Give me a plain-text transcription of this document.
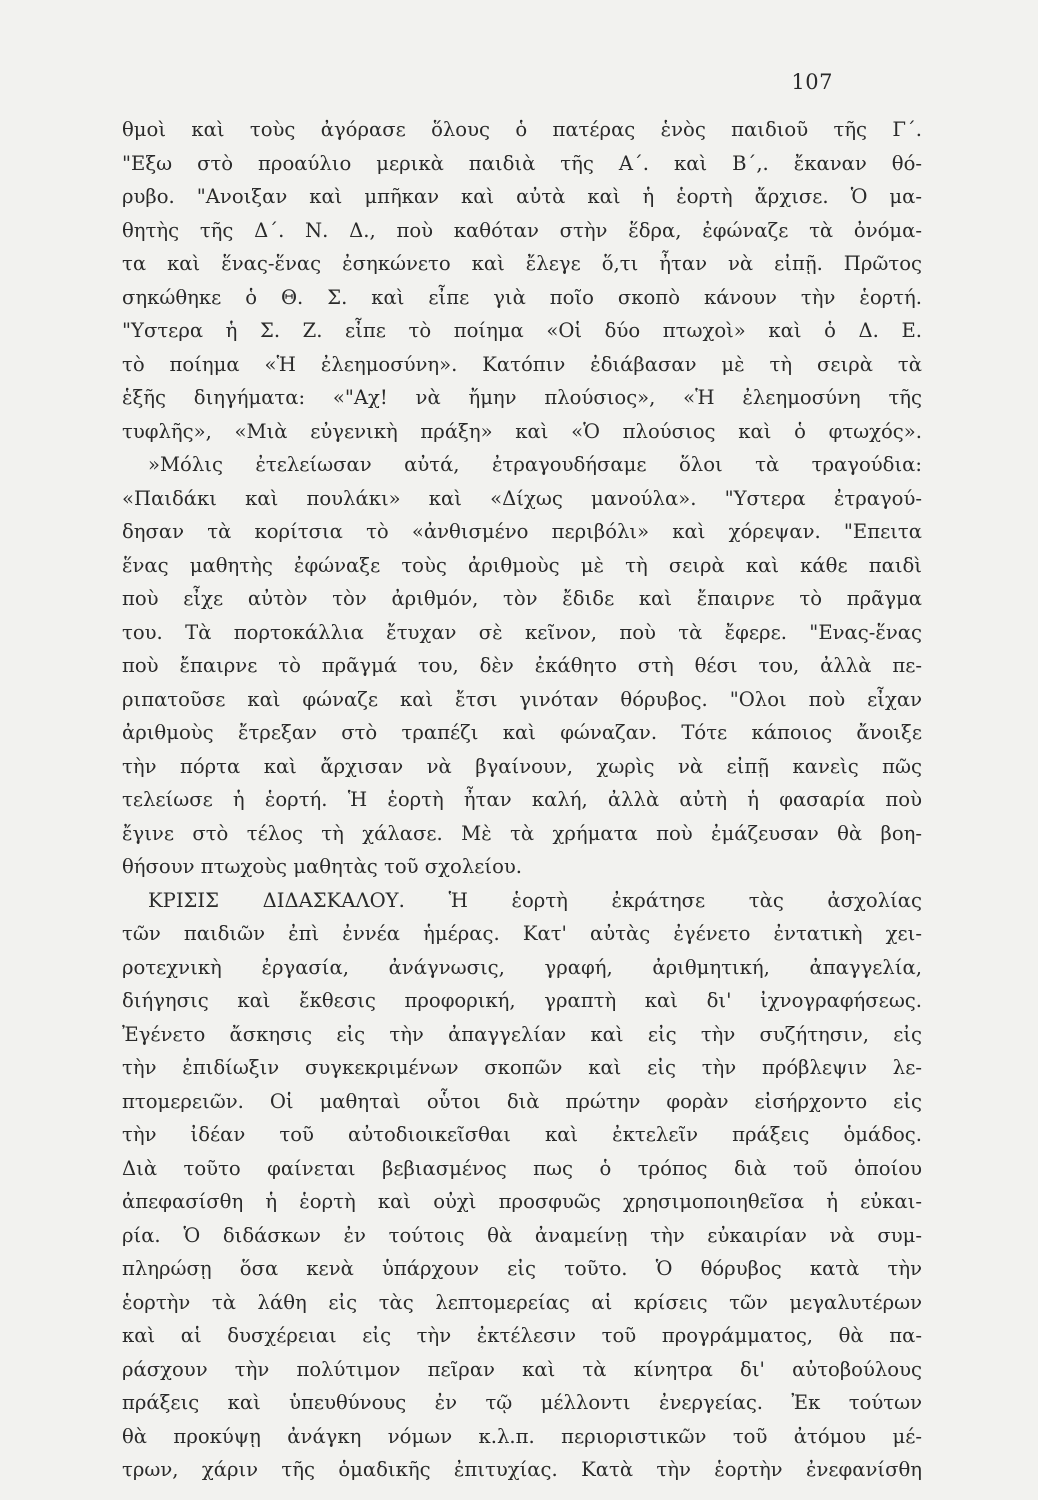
107
θμοὶ καὶ τοὺς ἀγόρασε ὅλους ὁ πατέρας ἑνὸς παιδιοῦ τῆς Γ΄.
"Εξω στὸ προαύλιο μερικὰ παιδιὰ τῆς Α΄. καὶ Β΄,. ἔκαναν θό-
ρυβο. "Ανοιξαν καὶ μπῆκαν καὶ αὐτὰ καὶ ἡ ἑορτὴ ἄρχισε. Ὁ μα-
θητὴς τῆς Δ΄. Ν. Δ., ποὺ καθόταν στὴν ἕδρα, ἐφώναζε τὰ ὀνόμα-
τα καὶ ἕνας-ἕνας ἐσηκώνετο καὶ ἔλεγε ὅ,τι ἦταν νὰ εἰπῇ. Πρῶτος
σηκώθηκε ὁ Θ. Σ. καὶ εἶπε γιὰ ποῖο σκοπὸ κάνουν τὴν ἑορτή.
"Υστερα ἡ Σ. Ζ. εἶπε τὸ ποίημα «Οἱ δύο πτωχοὶ» καὶ ὁ Δ. Ε.
τὸ ποίημα «Ἡ ἐλεημοσύνη». Κατόπιν ἐδιάβασαν μὲ τὴ σειρὰ τὰ
ἑξῆς διηγήματα: «"Αχ! νὰ ἤμην πλούσιος», «Ἡ ἐλεημοσύνη τῆς
τυφλῆς», «Μιὰ εὐγενικὴ πράξη» καὶ «Ὁ πλούσιος καὶ ὁ φτωχός».
»Μόλις ἐτελείωσαν αὐτά, ἐτραγουδήσαμε ὅλοι τὰ τραγούδια:
«Παιδάκι καὶ πουλάκι» καὶ «Δίχως μανούλα». "Υστερα ἐτραγού-
δησαν τὰ κορίτσια τὸ «ἀνθισμένο περιβόλι» καὶ χόρεψαν. "Επειτα
ἕνας μαθητὴς ἐφώναξε τοὺς ἀριθμοὺς μὲ τὴ σειρὰ καὶ κάθε παιδὶ
ποὺ εἶχε αὐτὸν τὸν ἀριθμόν, τὸν ἔδιδε καὶ ἔπαιρνε τὸ πρᾶγμα
του. Τὰ πορτοκάλλια ἔτυχαν σὲ κεῖνον, ποὺ τὰ ἔφερε. "Ενας-ἕνας
ποὺ ἔπαιρνε τὸ πρᾶγμά του, δὲν ἐκάθητο στὴ θέσι του, ἀλλὰ πε-
ριπατοῦσε καὶ φώναζε καὶ ἔτσι γινόταν θόρυβος. "Ολοι ποὺ εἶχαν
ἀριθμοὺς ἔτρεξαν στὸ τραπέζι καὶ φώναζαν. Τότε κάποιος ἄνοιξε
τὴν πόρτα καὶ ἄρχισαν νὰ βγαίνουν, χωρὶς νὰ εἰπῇ κανεὶς πῶς
τελείωσε ἡ ἑορτή. Ἡ ἑορτὴ ἦταν καλή, ἀλλὰ αὐτὴ ἡ φασαρία ποὺ
ἔγινε στὸ τέλος τὴ χάλασε. Μὲ τὰ χρήματα ποὺ ἐμάζευσαν θὰ βοη-
θήσουν πτωχοὺς μαθητὰς τοῦ σχολείου.
ΚΡΙΣΙΣ ΔΙΔΑΣΚΑΛΟΥ. Ἡ ἑορτὴ ἐκράτησε τὰς ἀσχολίας
τῶν παιδιῶν ἐπὶ ἐννέα ἡμέρας. Κατ' αὐτὰς ἐγένετο ἐντατικὴ χει-
ροτεχνικὴ ἐργασία, ἀνάγνωσις, γραφή, ἀριθμητική, ἀπαγγελία,
διήγησις καὶ ἔκθεσις προφορική, γραπτὴ καὶ δι' ἰχνογραφήσεως.
Ἐγένετο ἄσκησις εἰς τὴν ἀπαγγελίαν καὶ εἰς τὴν συζήτησιν, εἰς
τὴν ἐπιδίωξιν συγκεκριμένων σκοπῶν καὶ εἰς τὴν πρόβλεψιν λε-
πτομερειῶν. Οἱ μαθηταὶ οὗτοι διὰ πρώτην φορὰν εἰσήρχοντο εἰς
τὴν ἰδέαν τοῦ αὐτοδιοικεῖσθαι καὶ ἐκτελεῖν πράξεις ὁμάδος.
Διὰ τοῦτο φαίνεται βεβιασμένος πως ὁ τρόπος διὰ τοῦ ὁποίου
ἀπεφασίσθη ἡ ἑορτὴ καὶ οὐχὶ προσφυῶς χρησιμοποιηθεῖσα ἡ εὐκαι-
ρία. Ὁ διδάσκων ἐν τούτοις θὰ ἀναμείνῃ τὴν εὐκαιρίαν νὰ συμ-
πληρώσῃ ὅσα κενὰ ὑπάρχουν εἰς τοῦτο. Ὁ θόρυβος κατὰ τὴν
ἑορτὴν τὰ λάθη εἰς τὰς λεπτομερείας αἱ κρίσεις τῶν μεγαλυτέρων
καὶ αἱ δυσχέρειαι εἰς τὴν ἐκτέλεσιν τοῦ προγράμματος, θὰ πα-
ράσχουν τὴν πολύτιμον πεῖραν καὶ τὰ κίνητρα δι' αὐτοβούλους
πράξεις καὶ ὑπευθύνους ἐν τῷ μέλλοντι ἐνεργείας. Ἐκ τούτων
θὰ προκύψῃ ἀνάγκη νόμων κ.λ.π. περιοριστικῶν τοῦ ἀτόμου μέ-
τρων, χάριν τῆς ὁμαδικῆς ἐπιτυχίας. Κατὰ τὴν ἑορτὴν ἐνεφανίσθη
